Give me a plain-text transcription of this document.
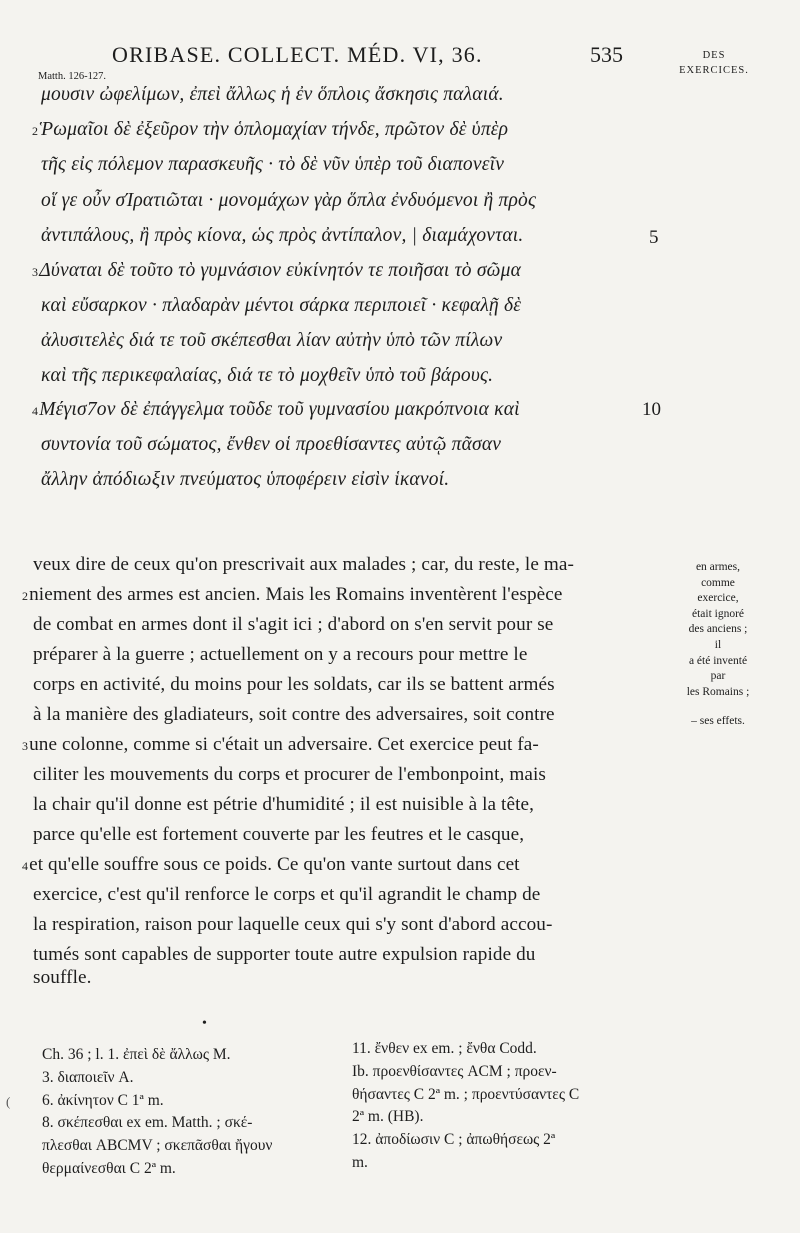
ORIBASE. COLLECT. MÉD. VI, 36.	535	DES
EXERCICES.
Matth. 126-127.
μουσιν ὠφελίμων, ἐπεὶ ἄλλως ἡ ἐν ὅπλοις ἄσκησις παλαιά.
2Ῥωμαῖοι δὲ ἐξεῦρον τὴν ὁπλομαχίαν τήνδε, πρῶτον δὲ ὑπὲρ
τῆς εἰς πόλεμον παρασκευῆς · τὸ δὲ νῦν ὑπὲρ τοῦ διαπονεῖν
οἵ γε οὖν σΊρατιῶται · μονομάχων γὰρ ὅπλα ἐνδυόμενοι ἢ πρὸς
ἀντιπάλους, ἢ πρὸς κίονα, ὡς πρὸς ἀντίπαλον, | διαμάχονται.
3Δύναται δὲ τοῦτο τὸ γυμνάσιον εὐκίνητόν τε ποιῆσαι τὸ σῶμα
καὶ εὔσαρκον · πλαδαρὰν μέντοι σάρκα περιποιεῖ · κεφαλῇ δὲ
ἀλυσιτελὲς διά τε τοῦ σκέπεσθαι λίαν αὐτὴν ὑπὸ τῶν πίλων
καὶ τῆς περικεφαλαίας, διά τε τὸ μοχθεῖν ὑπὸ τοῦ βάρους.
4Μέγισ7ον δὲ ἐπάγγελμα τοῦδε τοῦ γυμνασίου μακρόπνοια καὶ
συντονία τοῦ σώματος, ἔνθεν οἱ προεθίσαντες αὐτῷ πᾶσαν
ἄλλην ἀπόδιωξιν πνεύματος ὑποφέρειν εἰσὶν ἱκανοί.
5
10
veux dire de ceux qu'on prescrivait aux malades ; car, du reste, le ma-
2niement des armes est ancien. Mais les Romains inventèrent l'espèce
de combat en armes dont il s'agit ici ; d'abord on s'en servit pour se
préparer à la guerre ; actuellement on y a recours pour mettre le
corps en activité, du moins pour les soldats, car ils se battent armés
à la manière des gladiateurs, soit contre des adversaires, soit contre
3une colonne, comme si c'était un adversaire. Cet exercice peut fa-
ciliter les mouvements du corps et procurer de l'embonpoint, mais
la chair qu'il donne est pétrie d'humidité ; il est nuisible à la tête,
parce qu'elle est fortement couverte par les feutres et le casque,
4et qu'elle souffre sous ce poids. Ce qu'on vante surtout dans cet
exercice, c'est qu'il renforce le corps et qu'il agrandit le champ de
la respiration, raison pour laquelle ceux qui s'y sont d'abord accou-
tumés sont capables de supporter toute autre expulsion rapide du
souffle.
en armes,
comme
exercice,
était ignoré
des anciens ;
il
a été inventé
par
les Romains ;
– ses effets.
•
Ch. 36 ; l. 1. ἐπεὶ δὲ ἄλλως M.
3. διαποιεῖν A.
6. ἀκίνητον C 1ª m.
8. σκέπεσθαι ex em. Matth. ; σκέ-
πλεσθαι ABCMV ; σκεπᾶσθαι ἤγουν
θερμαίνεσθαι C 2ª m.
11. ἔνθεν ex em. ; ἔνθα Codd.
Ib. προενθίσαντες ACM ; προεν-
θήσαντες C 2ª m. ; προεντύσαντες C
2ª m. (HB).
12. ἀποδίωσιν C ; ἀπωθήσεως 2ª
m.
(
